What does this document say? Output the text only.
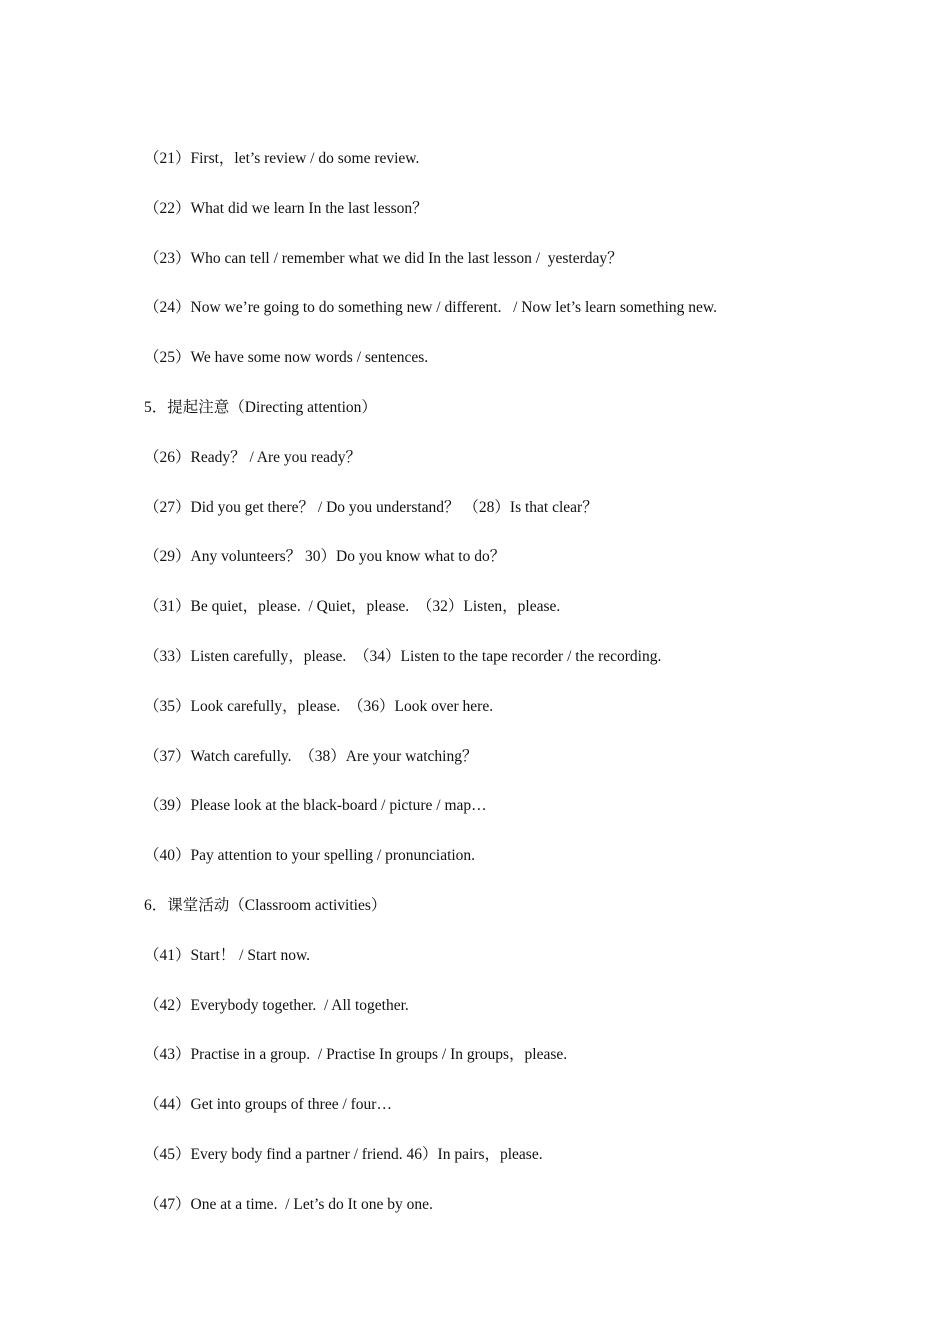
（21）First，let’s review / do some review.
（22）What did we learn In the last lesson？
（23）Who can tell / remember what we did In the last lesson /  yesterday？
（24）Now we’re going to do something new / different.   / Now let’s learn something new.
（25）We have some now words / sentences.
5．提起注意（Directing attention）
（26）Ready？ / Are you ready？
（27）Did you get there？ / Do you understand？ （28）Is that clear？
（29）Any volunteers？ 30）Do you know what to do？
（31）Be quiet，please.  / Quiet，please.  （32）Listen，please.
（33）Listen carefully，please.  （34）Listen to the tape recorder / the recording.
（35）Look carefully，please.  （36）Look over here.
（37）Watch carefully.  （38）Are your watching？
（39）Please look at the black-board / picture / map…
（40）Pay attention to your spelling / pronunciation.
6．课堂活动（Classroom activities）
（41）Start！ / Start now.
（42）Everybody together.  / All together.
（43）Practise in a group.  / Practise In groups / In groups，please.
（44）Get into groups of three / four…
（45）Every body find a partner / friend. 46）In pairs，please.
（47）One at a time.  / Let’s do It one by one.
